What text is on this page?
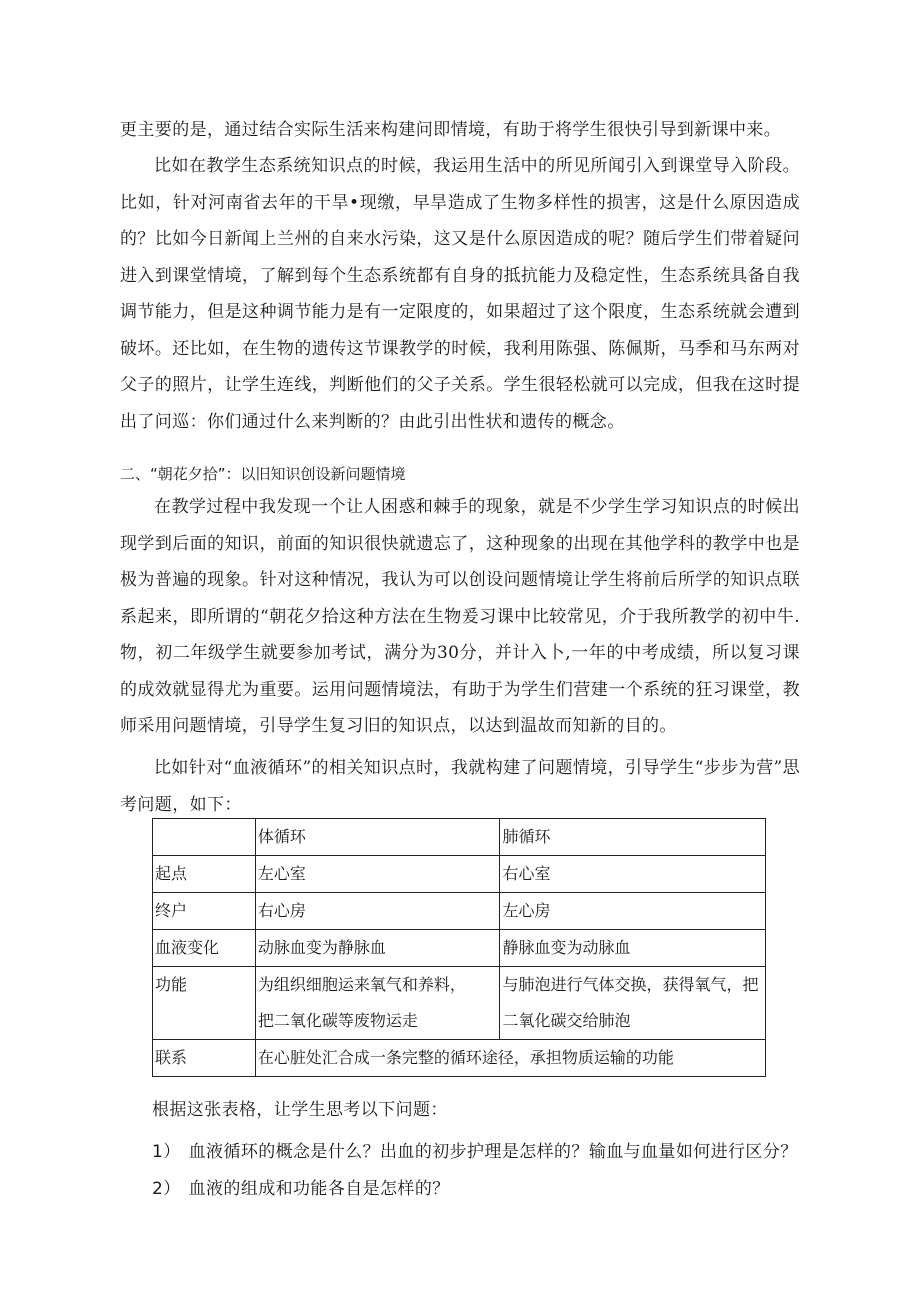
更主要的是，通过结合实际生活来构建问即情境，有助于将学生很快引导到新课中来。

比如在教学生态系统知识点的时候，我运用生活中的所见所闻引入到课堂导入阶段。比如，针对河南省去年的干旱•现缴，早旱造成了生物多样性的损害，这是什么原因造成的？比如今日新闻上兰州的自来水污染，这又是什么原因造成的呢？随后学生们带着疑问进入到课堂情境，了解到每个生态系统都有自身的抵抗能力及稳定性，生态系统具备自我调节能力，但是这种调节能力是有一定限度的，如果超过了这个限度，生态系统就会遭到破坏。还比如，在生物的遗传这节课教学的时候，我利用陈强、陈佩斯，马季和马东两对父子的照片，让学生连线，判断他们的父子关系。学生很轻松就可以完成，但我在这时提出了问巡：你们通过什么来判断的？由此引出性状和遗传的概念。

二、“朝花夕拾”：以旧知识创设新问题情境

在教学过程中我发现一个让人困惑和棘手的现象，就是不少学生学习知识点的时候出现学到后面的知识，前面的知识很快就遗忘了，这种现象的出现在其他学科的教学中也是极为普遍的现象。针对这种情况，我认为可以创设问题情境让学生将前后所学的知识点联系起来，即所谓的“朝花夕拾这种方法在生物爰习课中比较常见，介于我所教学的初中牛.物，初二年级学生就要参加考试，满分为30分，并计入卜,一年的中考成绩，所以复习课的成效就显得尤为重要。运用问题情境法，有助于为学生们营建一个系统的狂习课堂，教师采用问题情境，引导学生复习旧的知识点，以达到温故而知新的目的。

比如针对“血液循环”的相关知识点时，我就构建了问题情境，引导学生“步步为营”思考问题，如下：

	体循环	肺循环
起点	左心室	右心室
终户	右心房	左心房
血液变化	动脉血变为静脉血	静脉血变为动脉血
功能	为组织细胞运来氧气和养料，把二氧化碳等废物运走	与肺泡进行气体交换，获得氧气，把二氧化碳交给肺泡
联系	在心脏处汇合成一条完整的循环途径，承担物质运输的功能	

根据这张表格，让学生思考以下问题：

1） 血液循环的概念是什么？出血的初步护理是怎样的？输血与血量如何进行区分？

2） 血液的组成和功能各自是怎样的？
